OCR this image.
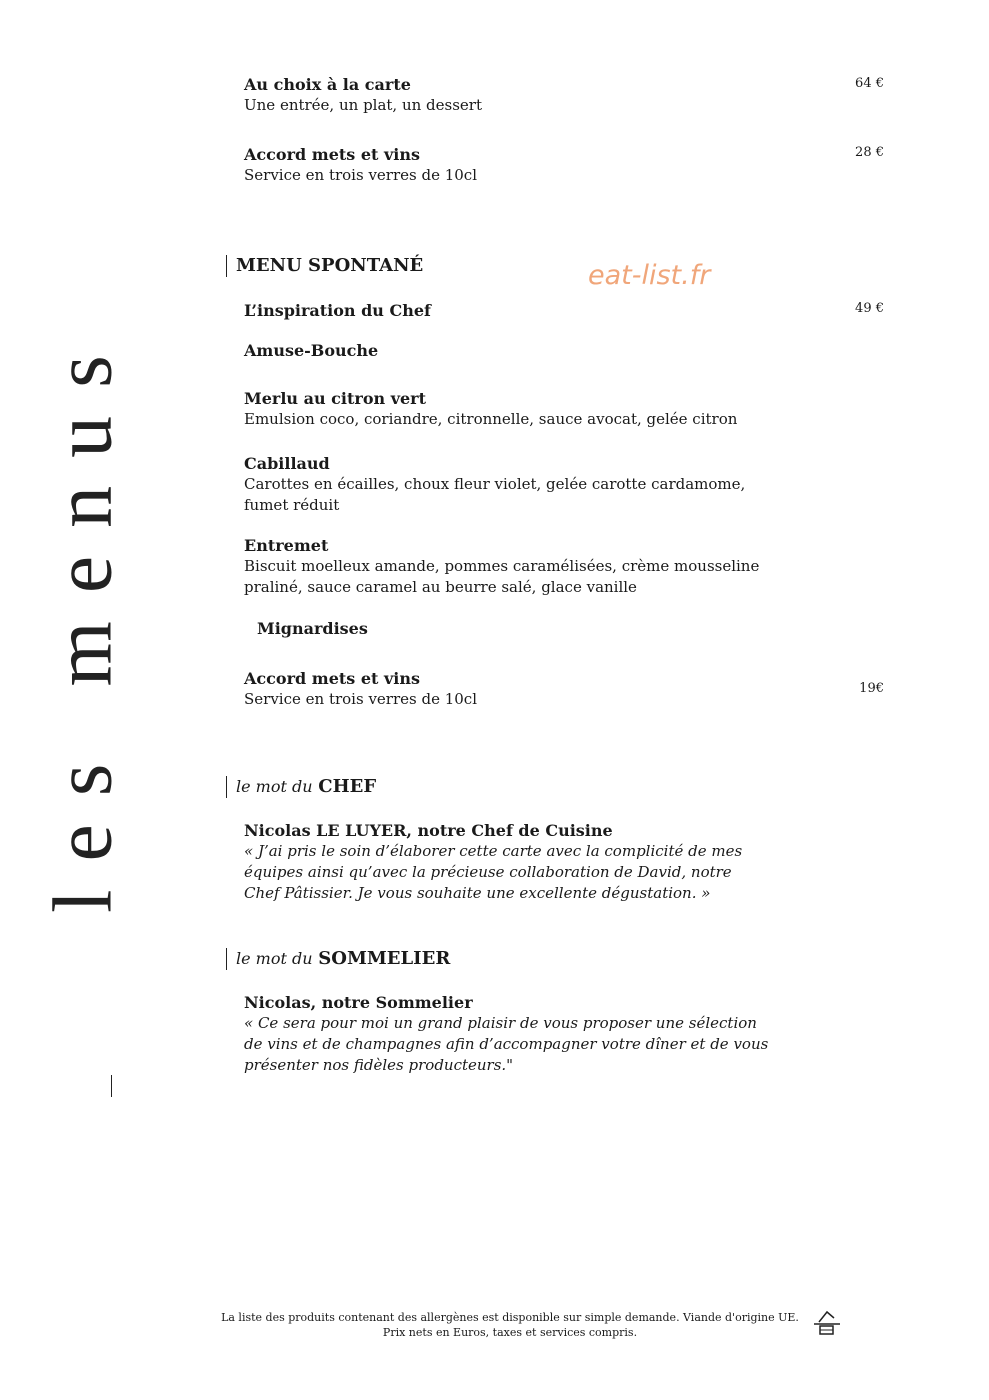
les menus
eat-list.fr
Au choix à la carte
Une entrée, un plat, un dessert
64 €
Accord mets et vins
Service en trois verres de 10cl
28 €
MENU SPONTANÉ
L’inspiration du Chef	49 €
Amuse-Bouche
Merlu au citron vert
Emulsion coco, coriandre, citronnelle, sauce avocat, gelée citron
Cabillaud
Carottes en écailles, choux fleur violet, gelée carotte cardamome,
fumet réduit
Entremet
Biscuit moelleux amande, pommes caramélisées, crème mousseline
praliné, sauce caramel au beurre salé, glace vanille
Mignardises
Accord mets et vins
Service en trois verres de 10cl
19€
le mot du CHEF
Nicolas LE LUYER, notre Chef de Cuisine
« J’ai pris le soin d’élaborer cette carte avec la complicité de mes
équipes ainsi qu’avec la précieuse collaboration de David, notre
Chef Pâtissier. Je vous souhaite une excellente dégustation. »
le mot du SOMMELIER
Nicolas, notre Sommelier
« Ce sera pour moi un grand plaisir de vous proposer une sélection
de vins et de champagnes afin d’accompagner votre dîner et de vous
présenter nos fidèles producteurs."
La liste des produits contenant des allergènes est disponible sur simple demande. Viande d'origine UE.
Prix nets en Euros, taxes et services compris.
